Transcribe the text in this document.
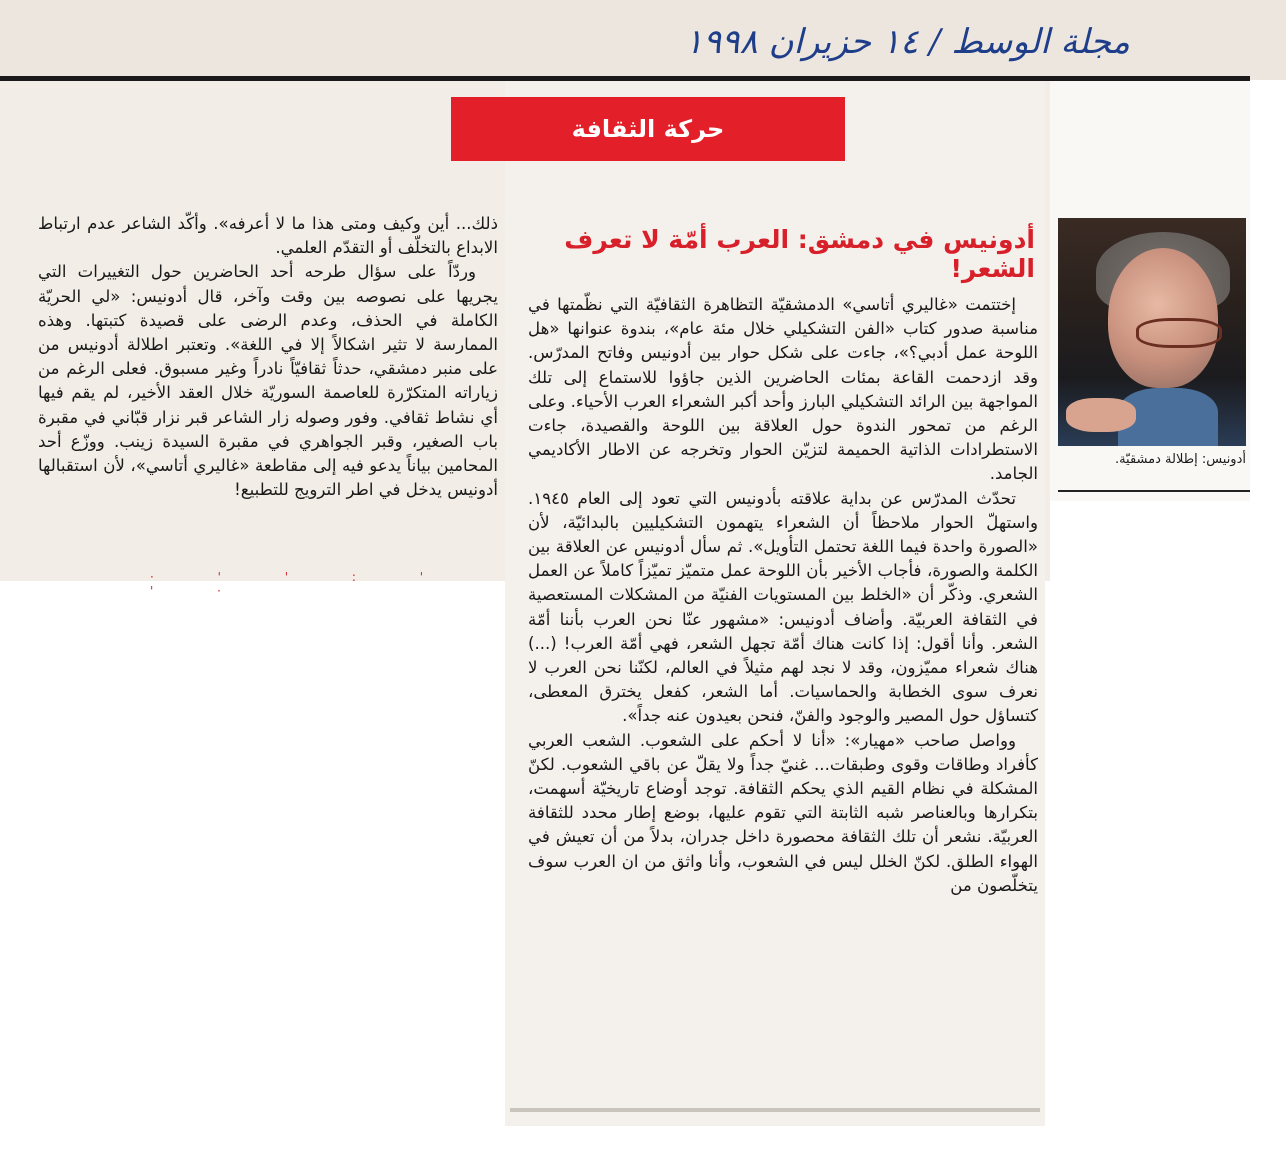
مجلة الوسط / ١٤ حزيران ١٩٩٨
حركة الثقافة
أدونيس في دمشق: العرب أمّة لا تعرف الشعر!
أدونيس: إطلالة دمشقيّة.

إختتمت «غاليري أتاسي» الدمشقيّة التظاهرة الثقافيّة التي نظّمتها في مناسبة صدور كتاب «الفن التشكيلي خلال مئة عام»، بندوة عنوانها «هل اللوحة عمل أدبي؟»، جاءت على شكل حوار بين أدونيس وفاتح المدرّس. وقد ازدحمت القاعة بمئات الحاضرين الذين جاؤوا للاستماع إلى تلك المواجهة بين الرائد التشكيلي البارز وأحد أكبر الشعراء العرب الأحياء. وعلى الرغم من تمحور الندوة حول العلاقة بين اللوحة والقصيدة، جاءت الاستطرادات الذاتية الحميمة لتزيّن الحوار وتخرجه عن الاطار الأكاديمي الجامد.

تحدّث المدرّس عن بداية علاقته بأدونيس التي تعود إلى العام ١٩٤٥. واستهلّ الحوار ملاحظاً أن الشعراء يتهمون التشكيليين بالبدائيّة، لأن «الصورة واحدة فيما اللغة تحتمل التأويل». ثم سأل أدونيس عن العلاقة بين الكلمة والصورة، فأجاب الأخير بأن اللوحة عمل متميّز تميّزاً كاملاً عن العمل الشعري. وذكّر أن «الخلط بين المستويات الفنيّة من المشكلات المستعصية في الثقافة العربيّة. وأضاف أدونيس: «مشهور عنّا نحن العرب بأننا أمّة الشعر. وأنا أقول: إذا كانت هناك أمّة تجهل الشعر، فهي أمّة العرب! (...) هناك شعراء مميّزون، وقد لا نجد لهم مثيلاً في العالم، لكنّنا نحن العرب لا نعرف سوى الخطابة والحماسيات. أما الشعر، كفعل يخترق المعطى، كتساؤل حول المصير والوجود والفنّ، فنحن بعيدون عنه جداً».

وواصل صاحب «مهيار»: «أنا لا أحكم على الشعوب. الشعب العربي كأفراد وطاقات وقوى وطبقات... غنيّ جداً ولا يقلّ عن باقي الشعوب. لكنّ المشكلة في نظام القيم الذي يحكم الثقافة. توجد أوضاع تاريخيّة أسهمت، بتكرارها وبالعناصر شبه الثابتة التي تقوم عليها، بوضع إطار محدد للثقافة العربيّة. نشعر أن تلك الثقافة محصورة داخل جدران، بدلاً من أن تعيش في الهواء الطلق. لكنّ الخلل ليس في الشعوب، وأنا واثق من ان العرب سوف يتخلّصون من

ذلك... أين وكيف ومتى هذا ما لا أعرفه». وأكّد الشاعر عدم ارتباط الابداع بالتخلّف أو التقدّم العلمي.

وردّاً على سؤال طرحه أحد الحاضرين حول التغييرات التي يجريها على نصوصه بين وقت وآخر، قال أدونيس: «لي الحريّة الكاملة في الحذف، وعدم الرضى على قصيدة كتبتها. وهذه الممارسة لا تثير اشكالاً إلا في اللغة». وتعتبر اطلالة أدونيس من على منبر دمشقي، حدثاً ثقافيّاً نادراً وغير مسبوق. فعلى الرغم من زياراته المتكرّرة للعاصمة السوريّة خلال العقد الأخير، لم يقم فيها أي نشاط ثقافي. وفور وصوله زار الشاعر قبر نزار قبّاني في مقبرة باب الصغير، وقبر الجواهري في مقبرة السيدة زينب. ووزّع أحد المحامين بياناً يدعو فيه إلى مقاطعة «غاليري أتاسي»، لأن استقبالها أدونيس يدخل في اطر الترويج للتطبيع!

· ' ' : ' ' ·
